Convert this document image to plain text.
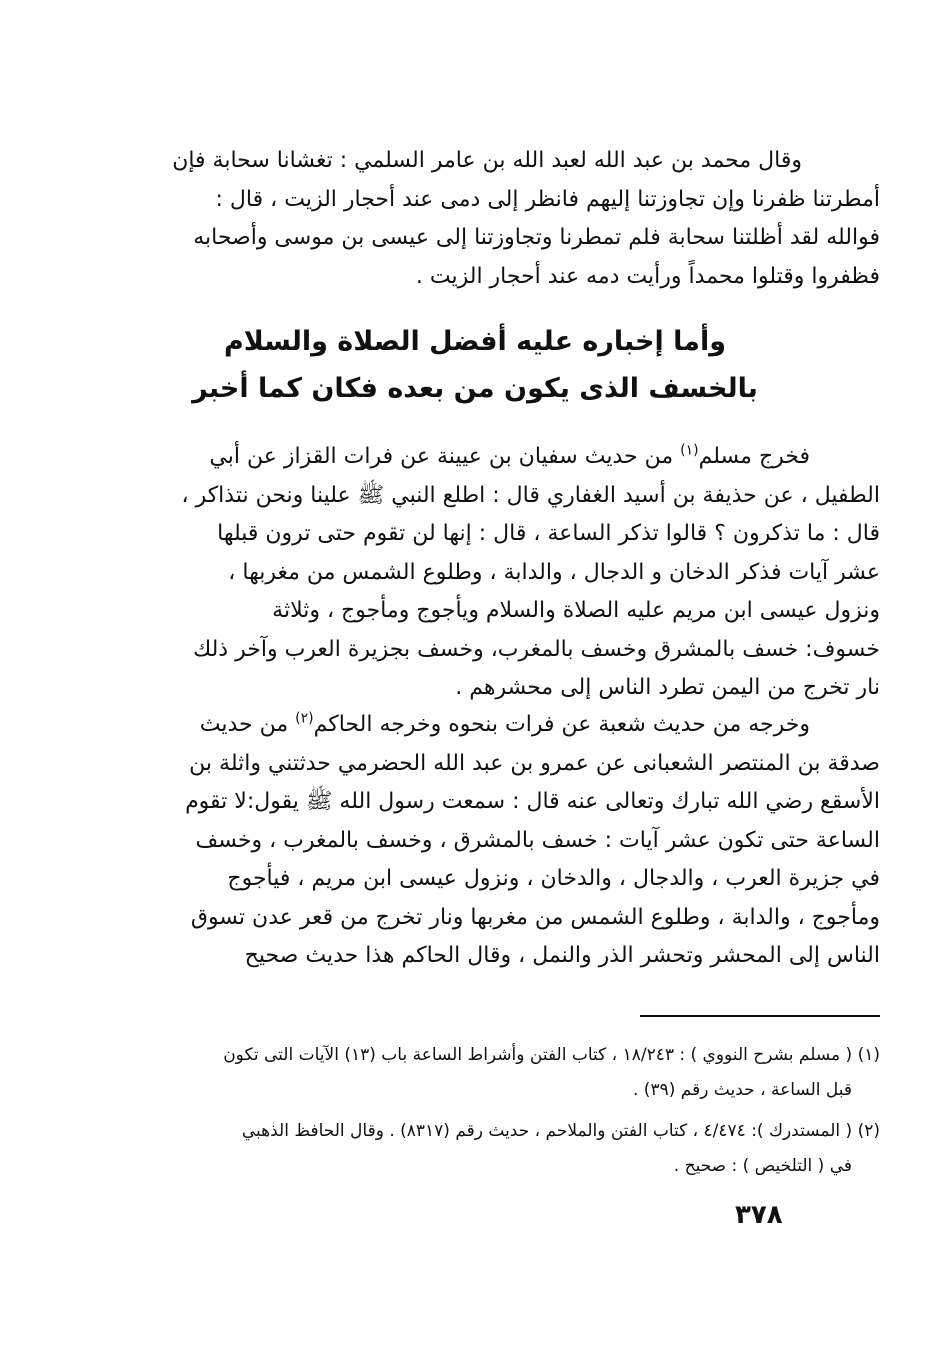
وقال محمد بن عبد الله لعبد الله بن عامر السلمي : تغشانا سحابة فإن
أمطرتنا ظفرنا وإن تجاوزتنا إليهم فانظر إلى دمى عند أحجار الزيت ، قال :
فوالله لقد أظلتنا سحابة فلم تمطرنا وتجاوزتنا إلى عيسى بن موسى وأصحابه
فظفروا وقتلوا محمداً ورأيت دمه عند أحجار الزيت .
وأما إخباره عليه أفضل الصلاة والسلام
بالخسف الذى يكون من بعده فكان كما أخبر
فخرج مسلم$^{(١)}$ من حديث سفيان بن عيينة عن فرات القزاز عن أبي
الطفيل ، عن حذيفة بن أسيد الغفاري قال : اطلع النبي ﷺ علينا ونحن نتذاكر ،
قال : ما تذكرون ؟ قالوا تذكر الساعة ، قال : إنها لن تقوم حتى ترون قبلها
عشر آيات فذكر الدخان و الدجال ، والدابة ، وطلوع الشمس من مغربها ،
ونزول عيسى ابن مريم عليه الصلاة والسلام ويأجوج ومأجوج ، وثلاثة
خسوف: خسف بالمشرق وخسف بالمغرب، وخسف بجزيرة العرب وآخر ذلك
نار تخرج من اليمن تطرد الناس إلى محشرهم .
وخرجه من حديث شعبة عن فرات بنحوه وخرجه الحاكم$^{(٢)}$ من حديث
صدقة بن المنتصر الشعبانى عن عمرو بن عبد الله الحضرمي حدثتني واثلة بن
الأسقع رضي الله تبارك وتعالى عنه قال : سمعت رسول الله ﷺ يقول:لا تقوم
الساعة حتى تكون عشر آيات : خسف بالمشرق ، وخسف بالمغرب ، وخسف
في جزيرة العرب ، والدجال ، والدخان ، ونزول عيسى ابن مريم ، فيأجوج
ومأجوج ، والدابة ، وطلوع الشمس من مغربها ونار تخرج من قعر عدن تسوق
الناس إلى المحشر وتحشر الذر والنمل ، وقال الحاكم هذا حديث صحيح
(١) ( مسلم بشرح النووي ) : ١٨/٢٤٣ ، كتاب الفتن وأشراط الساعة باب (١٣) الآيات التى تكون
قبل الساعة ، حديث رقم (٣٩) .
(٢) ( المستدرك ): ٤/٤٧٤ ، كتاب الفتن والملاحم ، حديث رقم (٨٣١٧) . وقال الحافظ الذهبي
في ( التلخيص ) : صحيح .
٣٧٨
